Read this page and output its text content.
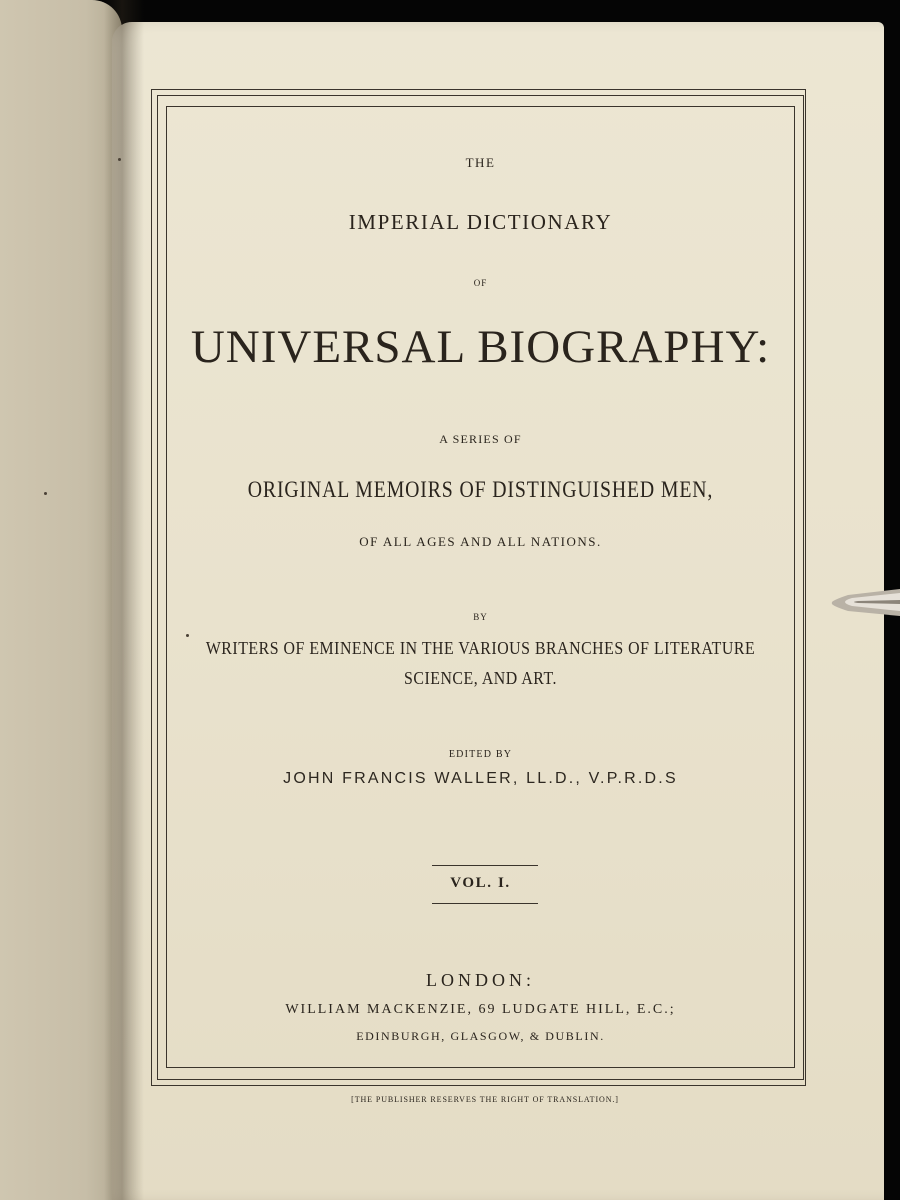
THE

IMPERIAL DICTIONARY

OF

UNIVERSAL BIOGRAPHY:

A SERIES OF

ORIGINAL MEMOIRS OF DISTINGUISHED MEN,

OF ALL AGES AND ALL NATIONS.

BY

WRITERS OF EMINENCE IN THE VARIOUS BRANCHES OF LITERATURE

SCIENCE, AND ART.

EDITED BY

JOHN FRANCIS WALLER, LL.D., V.P.R.D.S

VOL. I.

LONDON:

WILLIAM MACKENZIE, 69 LUDGATE HILL, E.C.;

EDINBURGH, GLASGOW, & DUBLIN.

[THE PUBLISHER RESERVES THE RIGHT OF TRANSLATION.]
